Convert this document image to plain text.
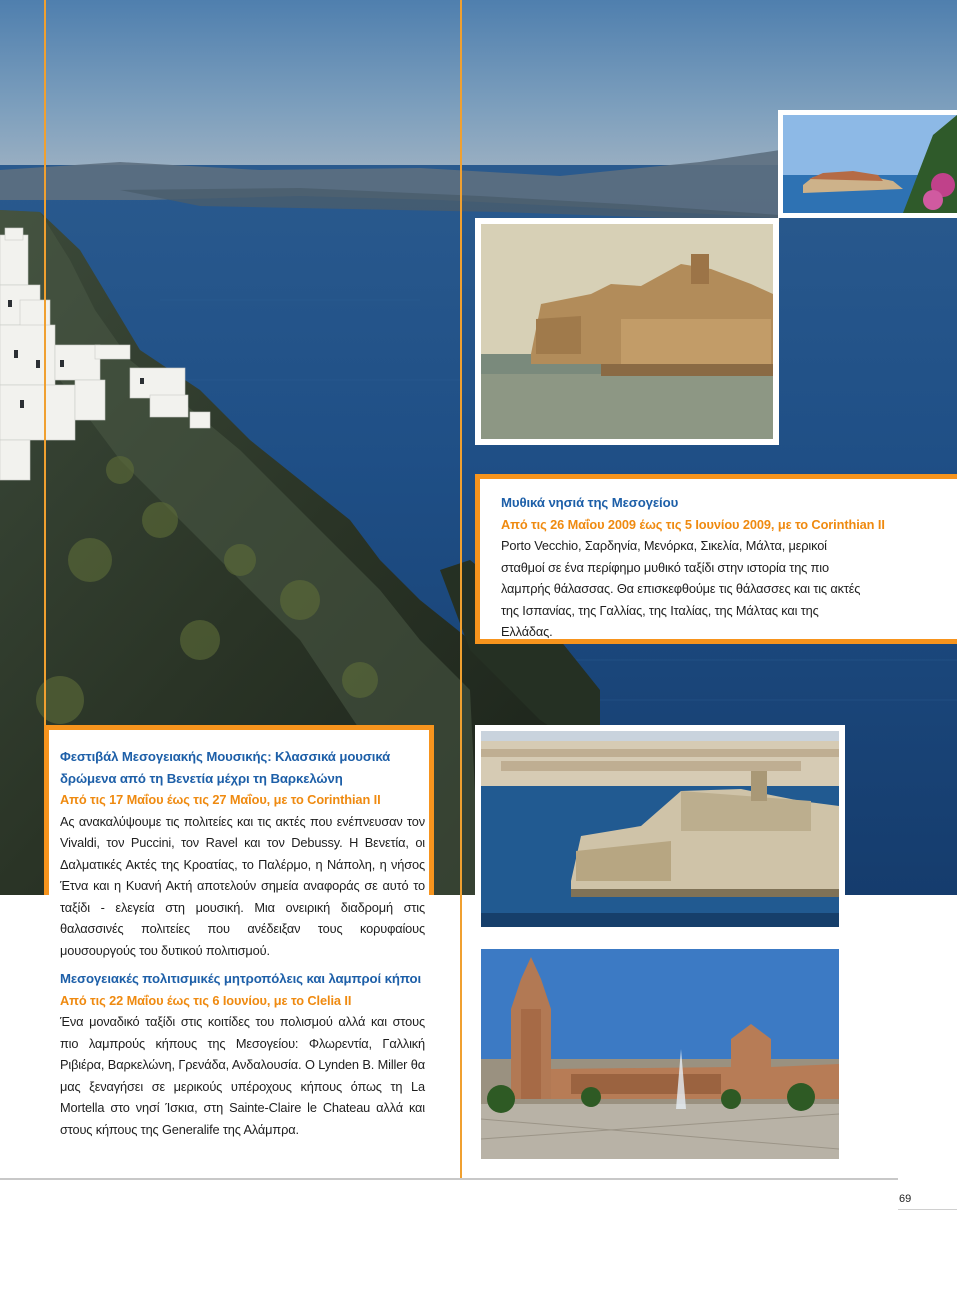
Μυθικά νησιά της Μεσογείου
Από τις 26 Μαΐου 2009 έως τις 5 Ιουνίου 2009, με το Corinthian II
Porto Vecchio, Σαρδηνία, Μενόρκα, Σικελία, Μάλτα, μερικοί σταθμοί σε ένα περίφημο μυθικό ταξίδι στην ιστορία της πιο λαμπρής θάλασσας. Θα επισκεφθούμε τις θάλασσες και τις ακτές της Ισπανίας, της Γαλλίας, της Ιταλίας, της Μάλτας και της Ελλάδας.
Φεστιβάλ Μεσογειακής Μουσικής: Κλασσικά μουσικά δρώμενα από τη Βενετία μέχρι τη Βαρκελώνη
Από τις 17 Μαΐου έως τις 27 Μαΐου, με το Corinthian II
Ας ανακαλύψουμε τις πολιτείες και τις ακτές που ενέπνευσαν τον Vivaldi, τον Puccini, τον Ravel και τον Debussy. Η Βενετία, οι Δαλματικές Ακτές της Κροατίας, το Παλέρμο, η Νάπολη, η νήσος Έτνα και η Κυανή Ακτή αποτελούν σημεία αναφοράς σε αυτό το ταξίδι - ελεγεία στη μουσική. Μια ονειρική διαδρομή στις θαλασσινές πολιτείες που ανέδειξαν τους κορυφαίους μουσουργούς του δυτικού πολιτισμού.
Μεσογειακές πολιτισμικές μητροπόλεις και λαμπροί κήποι
Από τις 22 Μαΐου έως τις 6 Ιουνίου, με το Clelia II
Ένα μοναδικό ταξίδι στις κοιτίδες του πολισμού αλλά και στους πιο λαμπρούς κήπους της Μεσογείου: Φλωρεντία, Γαλλική Ριβιέρα, Βαρκελώνη, Γρενάδα, Ανδαλουσία. Ο Lynden B. Miller θα μας ξεναγήσει σε μερικούς υπέροχους κήπους όπως τη La Mortella στο νησί Ίσκια, στη Sainte-Claire le Chateau αλλά και στους κήπους της Generalife της Αλάμπρα.
69
